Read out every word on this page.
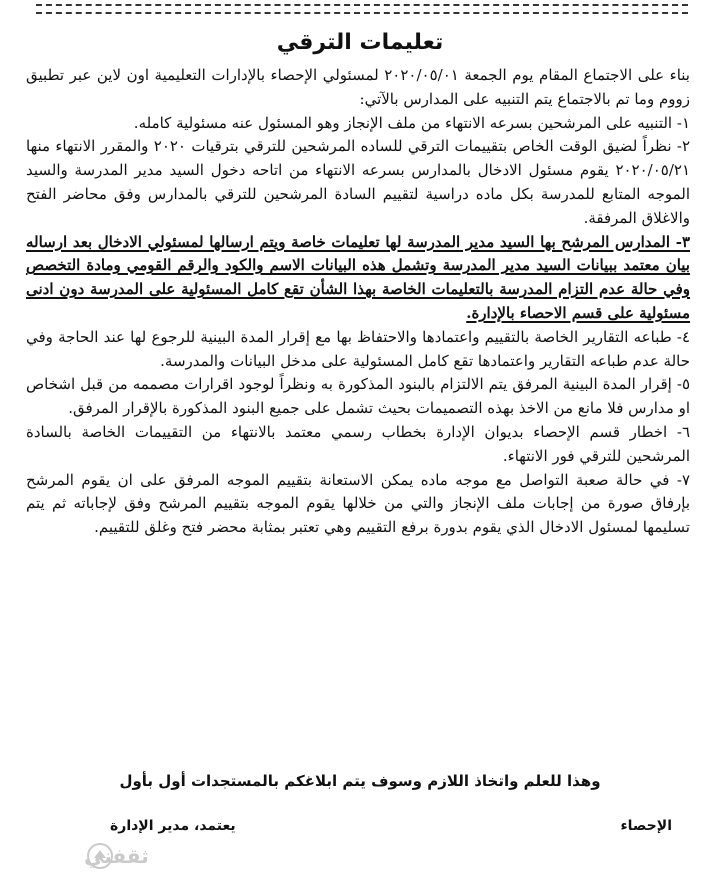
تعليمات الترقي

بناء على الاجتماع المقام يوم الجمعة ٢٠٢٠/٠٥/٠١ لمسئولي الإحصاء بالإدارات التعليمية اون لاين عبر تطبيق زووم وما تم بالاجتماع يتم التنبيه على المدارس بالآتي:

١- التنبيه على المرشحين بسرعه الانتهاء من ملف الإنجاز وهو المسئول عنه مسئولية كامله.

٢- نظراً لضيق الوقت الخاص بتقييمات الترقي للساده المرشحين للترقي بترقيات ٢٠٢٠ والمقرر الانتهاء منها ٢٠٢٠/٠٥/٢١ يقوم مسئول الادخال بالمدارس بسرعه الانتهاء من اتاحه دخول السيد مدير المدرسة والسيد الموجه المتابع للمدرسة بكل ماده دراسية لتقييم السادة المرشحين للترقي بالمدارس وفق محاضر الفتح والاغلاق المرفقة.

٣- المدارس المرشح بها السيد مدير المدرسة لها تعليمات خاصة ويتم ارسالها لمسئولي الادخال بعد ارساله بيان معتمد ببيانات السيد مدير المدرسة وتشمل هذه البيانات الاسم والكود والرقم القومي ومادة التخصص وفي حالة عدم التزام المدرسة بالتعليمات الخاصة بهذا الشأن تقع كامل المسئولية على المدرسة دون ادنى مسئولية على قسم الاحصاء بالإدارة.

٤- طباعه التقارير الخاصة بالتقييم واعتمادها والاحتفاظ بها مع إقرار المدة البينية للرجوع لها عند الحاجة وفي حالة عدم طباعه التقارير واعتمادها تقع كامل المسئولية على مدخل البيانات والمدرسة.

٥- إقرار المدة البينية المرفق يتم الالتزام بالبنود المذكورة به ونظراً لوجود اقرارات مصممه من قبل اشخاص او مدارس فلا مانع من الاخذ بهذه التصميمات بحيث تشمل على جميع البنود المذكورة بالإقرار المرفق.

٦- اخطار قسم الإحصاء بديوان الإدارة بخطاب رسمي معتمد بالانتهاء من التقييمات الخاصة بالسادة المرشحين للترقي فور الانتهاء.

٧- في حالة صعبة التواصل مع موجه ماده يمكن الاستعانة بتقييم الموجه المرفق على ان يقوم المرشح بإرفاق صورة من إجابات ملف الإنجاز والتي من خلالها يقوم الموجه بتقييم المرشح وفق لإجاباته ثم يتم تسليمها لمسئول الادخال الذي يقوم بدورة برفع التقييم وهي تعتبر بمثابة محضر فتح وغلق للتقييم.

وهذا للعلم واتخاذ اللازم وسوف يتم ابلاغكم بالمستجدات أول بأول
الإحصاء
يعتمد، مدير الإدارة
ثقفني
